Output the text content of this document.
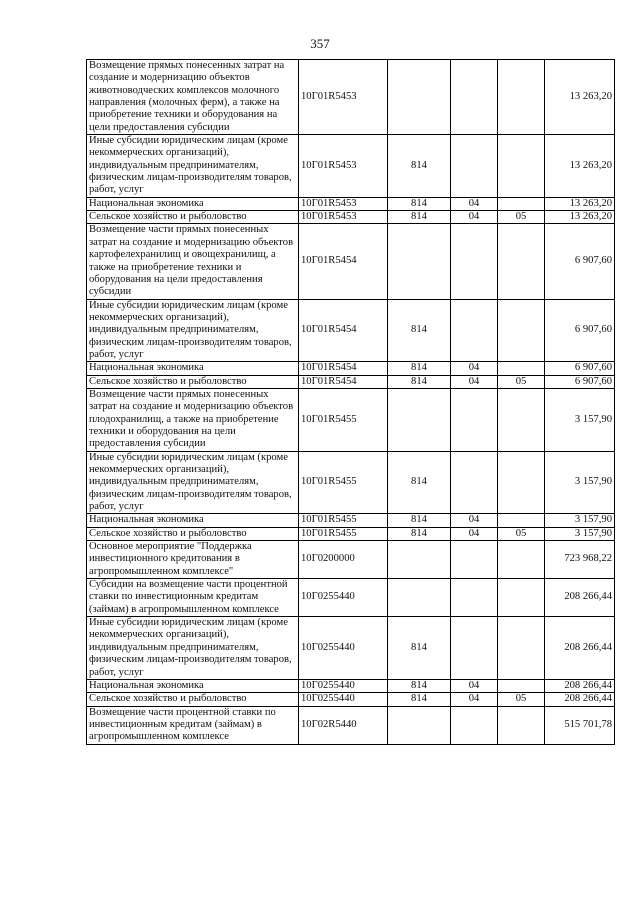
357
Возмещение прямых понесенных затрат на создание и модернизацию объектов животноводческих комплексов молочного направления (молочных ферм), а также на приобретение техники и оборудования на цели предоставления субсидии	10Г01R5453				13 263,20
Иные субсидии юридическим лицам (кроме некоммерческих организаций), индивидуальным предпринимателям, физическим лицам-производителям товаров, работ, услуг	10Г01R5453	814			13 263,20
Национальная экономика	10Г01R5453	814	04		13 263,20
Сельское хозяйство и рыболовство	10Г01R5453	814	04	05	13 263,20
Возмещение части прямых понесенных затрат на создание и модернизацию объектов картофелехранилищ и овощехранилищ, а также на приобретение техники и оборудования на цели предоставления субсидии	10Г01R5454				6 907,60
Иные субсидии юридическим лицам (кроме некоммерческих организаций), индивидуальным предпринимателям, физическим лицам-производителям товаров, работ, услуг	10Г01R5454	814			6 907,60
Национальная экономика	10Г01R5454	814	04		6 907,60
Сельское хозяйство и рыболовство	10Г01R5454	814	04	05	6 907,60
Возмещение части прямых понесенных затрат на создание и модернизацию объектов плодохранилищ, а также на приобретение техники и оборудования на цели предоставления субсидии	10Г01R5455				3 157,90
Иные субсидии юридическим лицам (кроме некоммерческих организаций), индивидуальным предпринимателям, физическим лицам-производителям товаров, работ, услуг	10Г01R5455	814			3 157,90
Национальная экономика	10Г01R5455	814	04		3 157,90
Сельское хозяйство и рыболовство	10Г01R5455	814	04	05	3 157,90
Основное мероприятие "Поддержка инвестиционного кредитования в агропромышленном комплексе"	10Г0200000				723 968,22
Субсидии на возмещение части процентной ставки по инвестиционным кредитам (займам) в агропромышленном комплексе	10Г0255440				208 266,44
Иные субсидии юридическим лицам (кроме некоммерческих организаций), индивидуальным предпринимателям, физическим лицам-производителям товаров, работ, услуг	10Г0255440	814			208 266,44
Национальная экономика	10Г0255440	814	04		208 266,44
Сельское хозяйство и рыболовство	10Г0255440	814	04	05	208 266,44
Возмещение части процентной ставки по инвестиционным кредитам (займам) в агропромышленном комплексе	10Г02R5440				515 701,78
